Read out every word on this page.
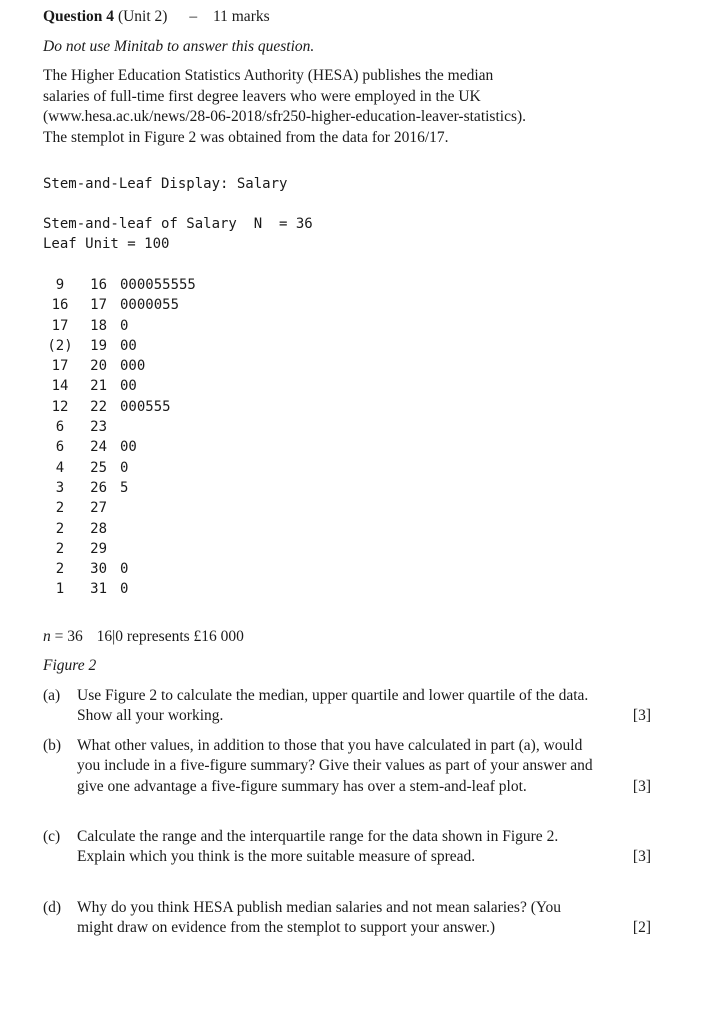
Question 4 (Unit 2) – 11 marks
Do not use Minitab to answer this question.
The Higher Education Statistics Authority (HESA) publishes the median
salaries of full-time first degree leavers who were employed in the UK
(www.hesa.ac.uk/news/28-06-2018/sfr250-higher-education-leaver-statistics).
The stemplot in Figure 2 was obtained from the data for 2016/17.
Stem-and-Leaf Display: Salary
Stem-and-leaf of Salary  N  = 36
Leaf Unit = 100
9	16 000055555
16	17 0000055
17	18 0
(2)	19 00
17	20 000
14	21 00
12	22 000555
6	23
6	24 00
4	25 0
3	26 5
2	27
2	28
2	29
2	30 0
1	31 0
n = 36 16|0 represents £16 000
Figure 2
(a) Use Figure 2 to calculate the median, upper quartile and lower quartile of the data. Show all your working.	[3]
(b) What other values, in addition to those that you have calculated in part (a), would you include in a five-figure summary? Give their values as part of your answer and give one advantage a five-figure summary has over a stem-and-leaf plot.	[3]
(c) Calculate the range and the interquartile range for the data shown in Figure 2. Explain which you think is the more suitable measure of spread.	[3]
(d) Why do you think HESA publish median salaries and not mean salaries? (You might draw on evidence from the stemplot to support your answer.)	[2]
